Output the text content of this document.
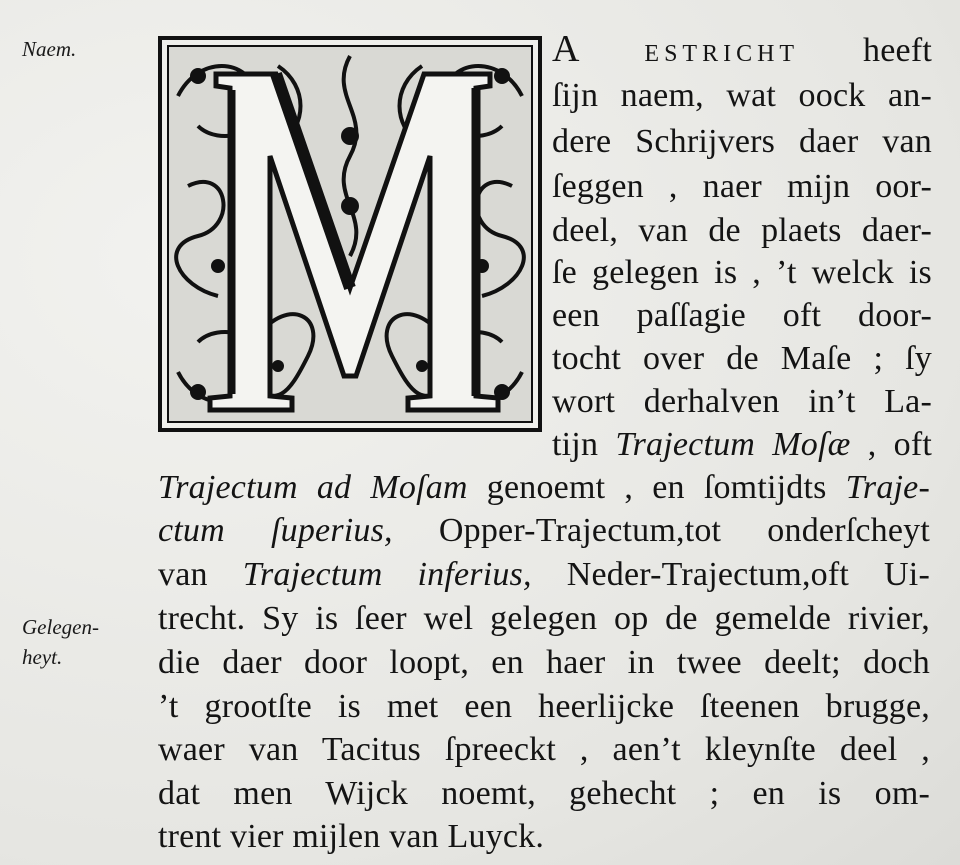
Naem.
Gelegen-
heyt.
A	ESTRICHT heeft
ſijn naem, wat oock an-
dere Schrijvers daer van
ſeggen , naer mijn oor-
deel, van de plaets daer-
ſe gelegen is , ’t welck is
een paſſagie oft door-
tocht over de Maſe ; ſy
wort derhalven in’t La-
tijn Trajectum Moſæ , oft
Trajectum ad Moſam genoemt , en ſomtijdts Traje-
ctum ſuperius, Opper-Trajectum,tot onderſcheyt
van Trajectum inferius, Neder-Trajectum,oft Ui-
trecht. Sy is ſeer wel gelegen op de gemelde rivier,
die daer door loopt, en haer in twee deelt; doch
’t grootſte is met een heerlijcke ſteenen brugge,
waer van Tacitus ſpreeckt , aen’t kleynſte deel ,
dat men Wijck noemt, gehecht ; en is om-
trent vier mijlen van Luyck.
